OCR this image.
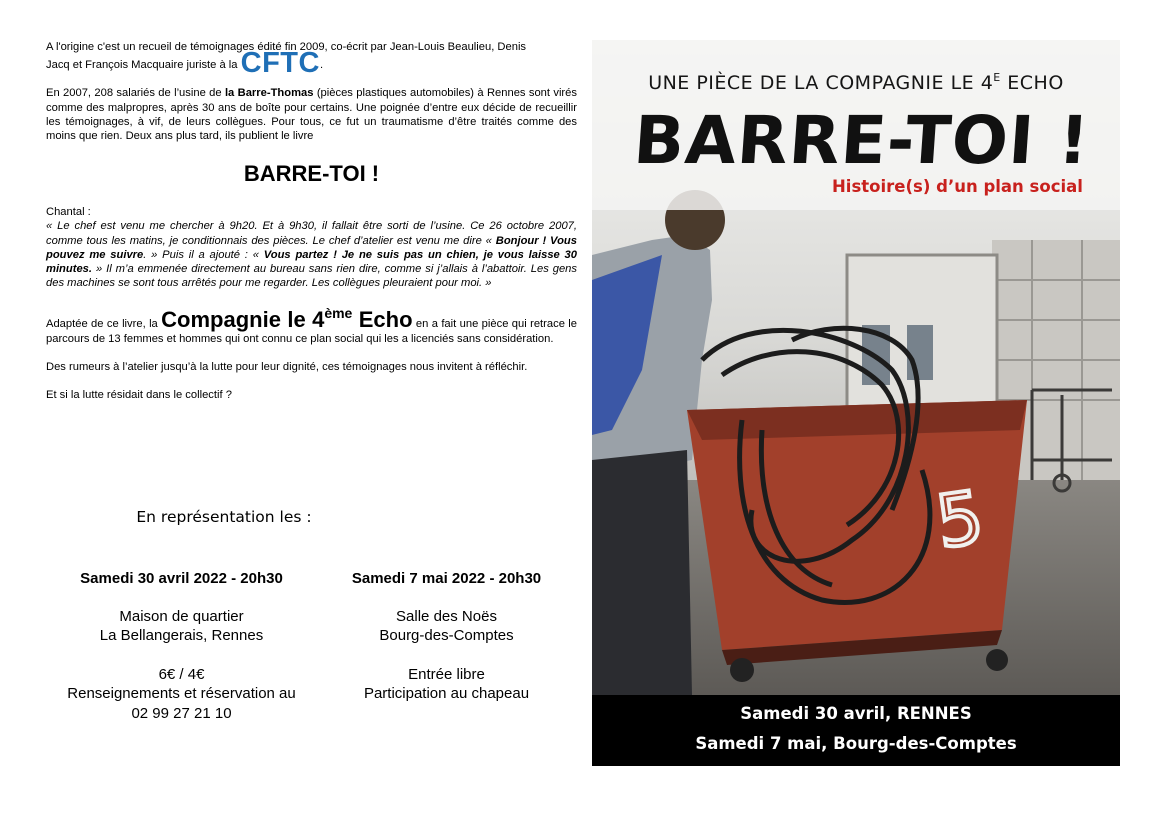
A l'origine c'est un recueil de témoignages édité fin 2009, co-écrit par Jean-Louis Beaulieu, Denis

Jacq et François Macquaire juriste à la CFTC.

En 2007, 208 salariés de l’usine de la Barre-Thomas (pièces plastiques automobiles) à Rennes sont virés comme des malpropres, après 30 ans de boîte pour certains. Une poignée d’entre eux décide de recueillir les témoignages, à vif, de leurs collègues. Pour tous, ce fut un traumatisme d’être traités comme des moins que rien. Deux ans plus tard, ils publient le livre

BARRE-TOI !

Chantal :

« Le chef est venu me chercher à 9h20. Et à 9h30, il fallait être sorti de l’usine. Ce 26 octobre 2007, comme tous les matins, je conditionnais des pièces. Le chef d’atelier est venu me dire « Bonjour ! Vous pouvez me suivre. » Puis il a ajouté : « Vous partez ! Je ne suis pas un chien, je vous laisse 30 minutes. » Il m’a emmenée directement au bureau sans rien dire, comme si j’allais à l’abattoir. Les gens des machines se sont tous arrêtés pour me regarder. Les collègues pleuraient pour moi. »

Adaptée de ce livre, la Compagnie le 4ème Echo en a fait une pièce qui retrace le parcours de 13 femmes et hommes qui ont connu ce plan social qui les a licenciés sans considération.

Des rumeurs à l’atelier jusqu’à la lutte pour leur dignité, ces témoignages nous invitent à réfléchir.

Et si la lutte résidait dans le collectif ?

En représentation les :
Samedi 30 avril 2022 - 20h30
Maison de quartier
La Bellangerais, Rennes
6€ / 4€
Renseignements et réservation au
02 99 27 21 10
Samedi 7 mai 2022 - 20h30
Salle des Noës
Bourg-des-Comptes
Entrée libre
Participation au chapeau
5
UNE PIÈCE DE LA COMPAGNIE LE $4^E$ ECHO
BARRE-TOI !
Histoire(s) d’un plan social
Samedi 30 avril, RENNES
Samedi 7 mai, Bourg-des-Comptes
